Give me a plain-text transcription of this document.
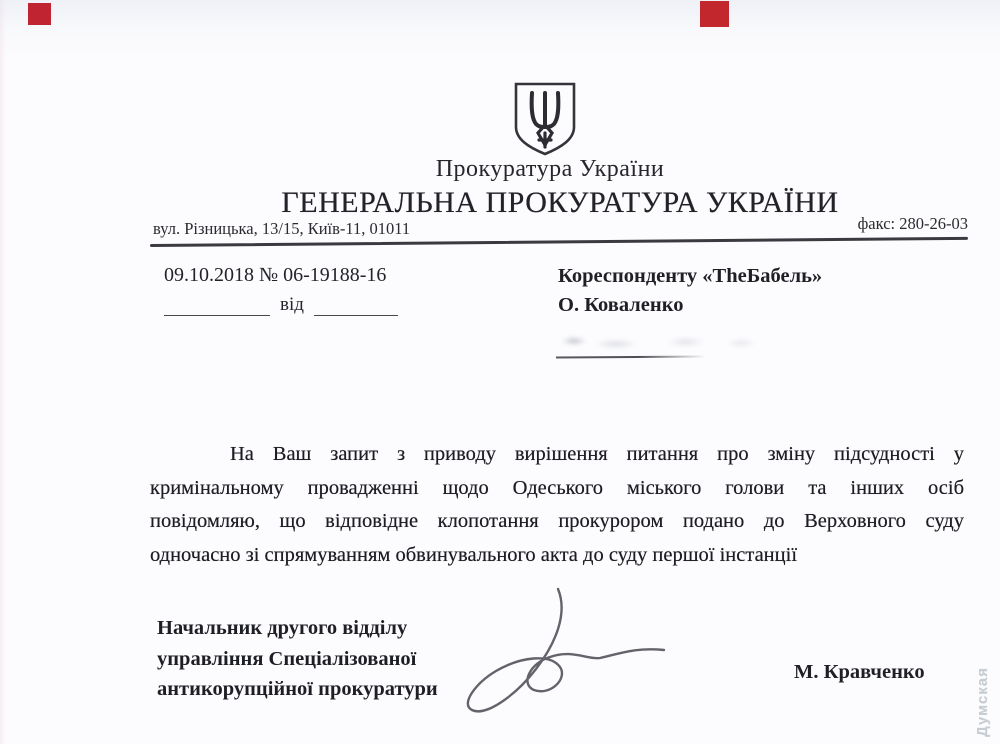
Прокуратура України
ГЕНЕРАЛЬНА ПРОКУРАТУРА УКРАЇНИ
вул. Різницька, 13/15, Київ-11, 01011	факс: 280-26-03
09.10.2018 № 06-19188-16
від
Кореспонденту «ТheБабель»
О. Коваленко
На Ваш запит з приводу вирішення питання про зміну підсудності у
кримінальному провадженні щодо Одеського міського голови та інших осіб
повідомляю, що відповідне клопотання прокурором подано до Верховного суду
одночасно зі спрямуванням обвинувального акта до суду першої інстанції
Начальник другого відділу
управління Спеціалізованої
антикорупційної прокуратури
М. Кравченко	Думская
